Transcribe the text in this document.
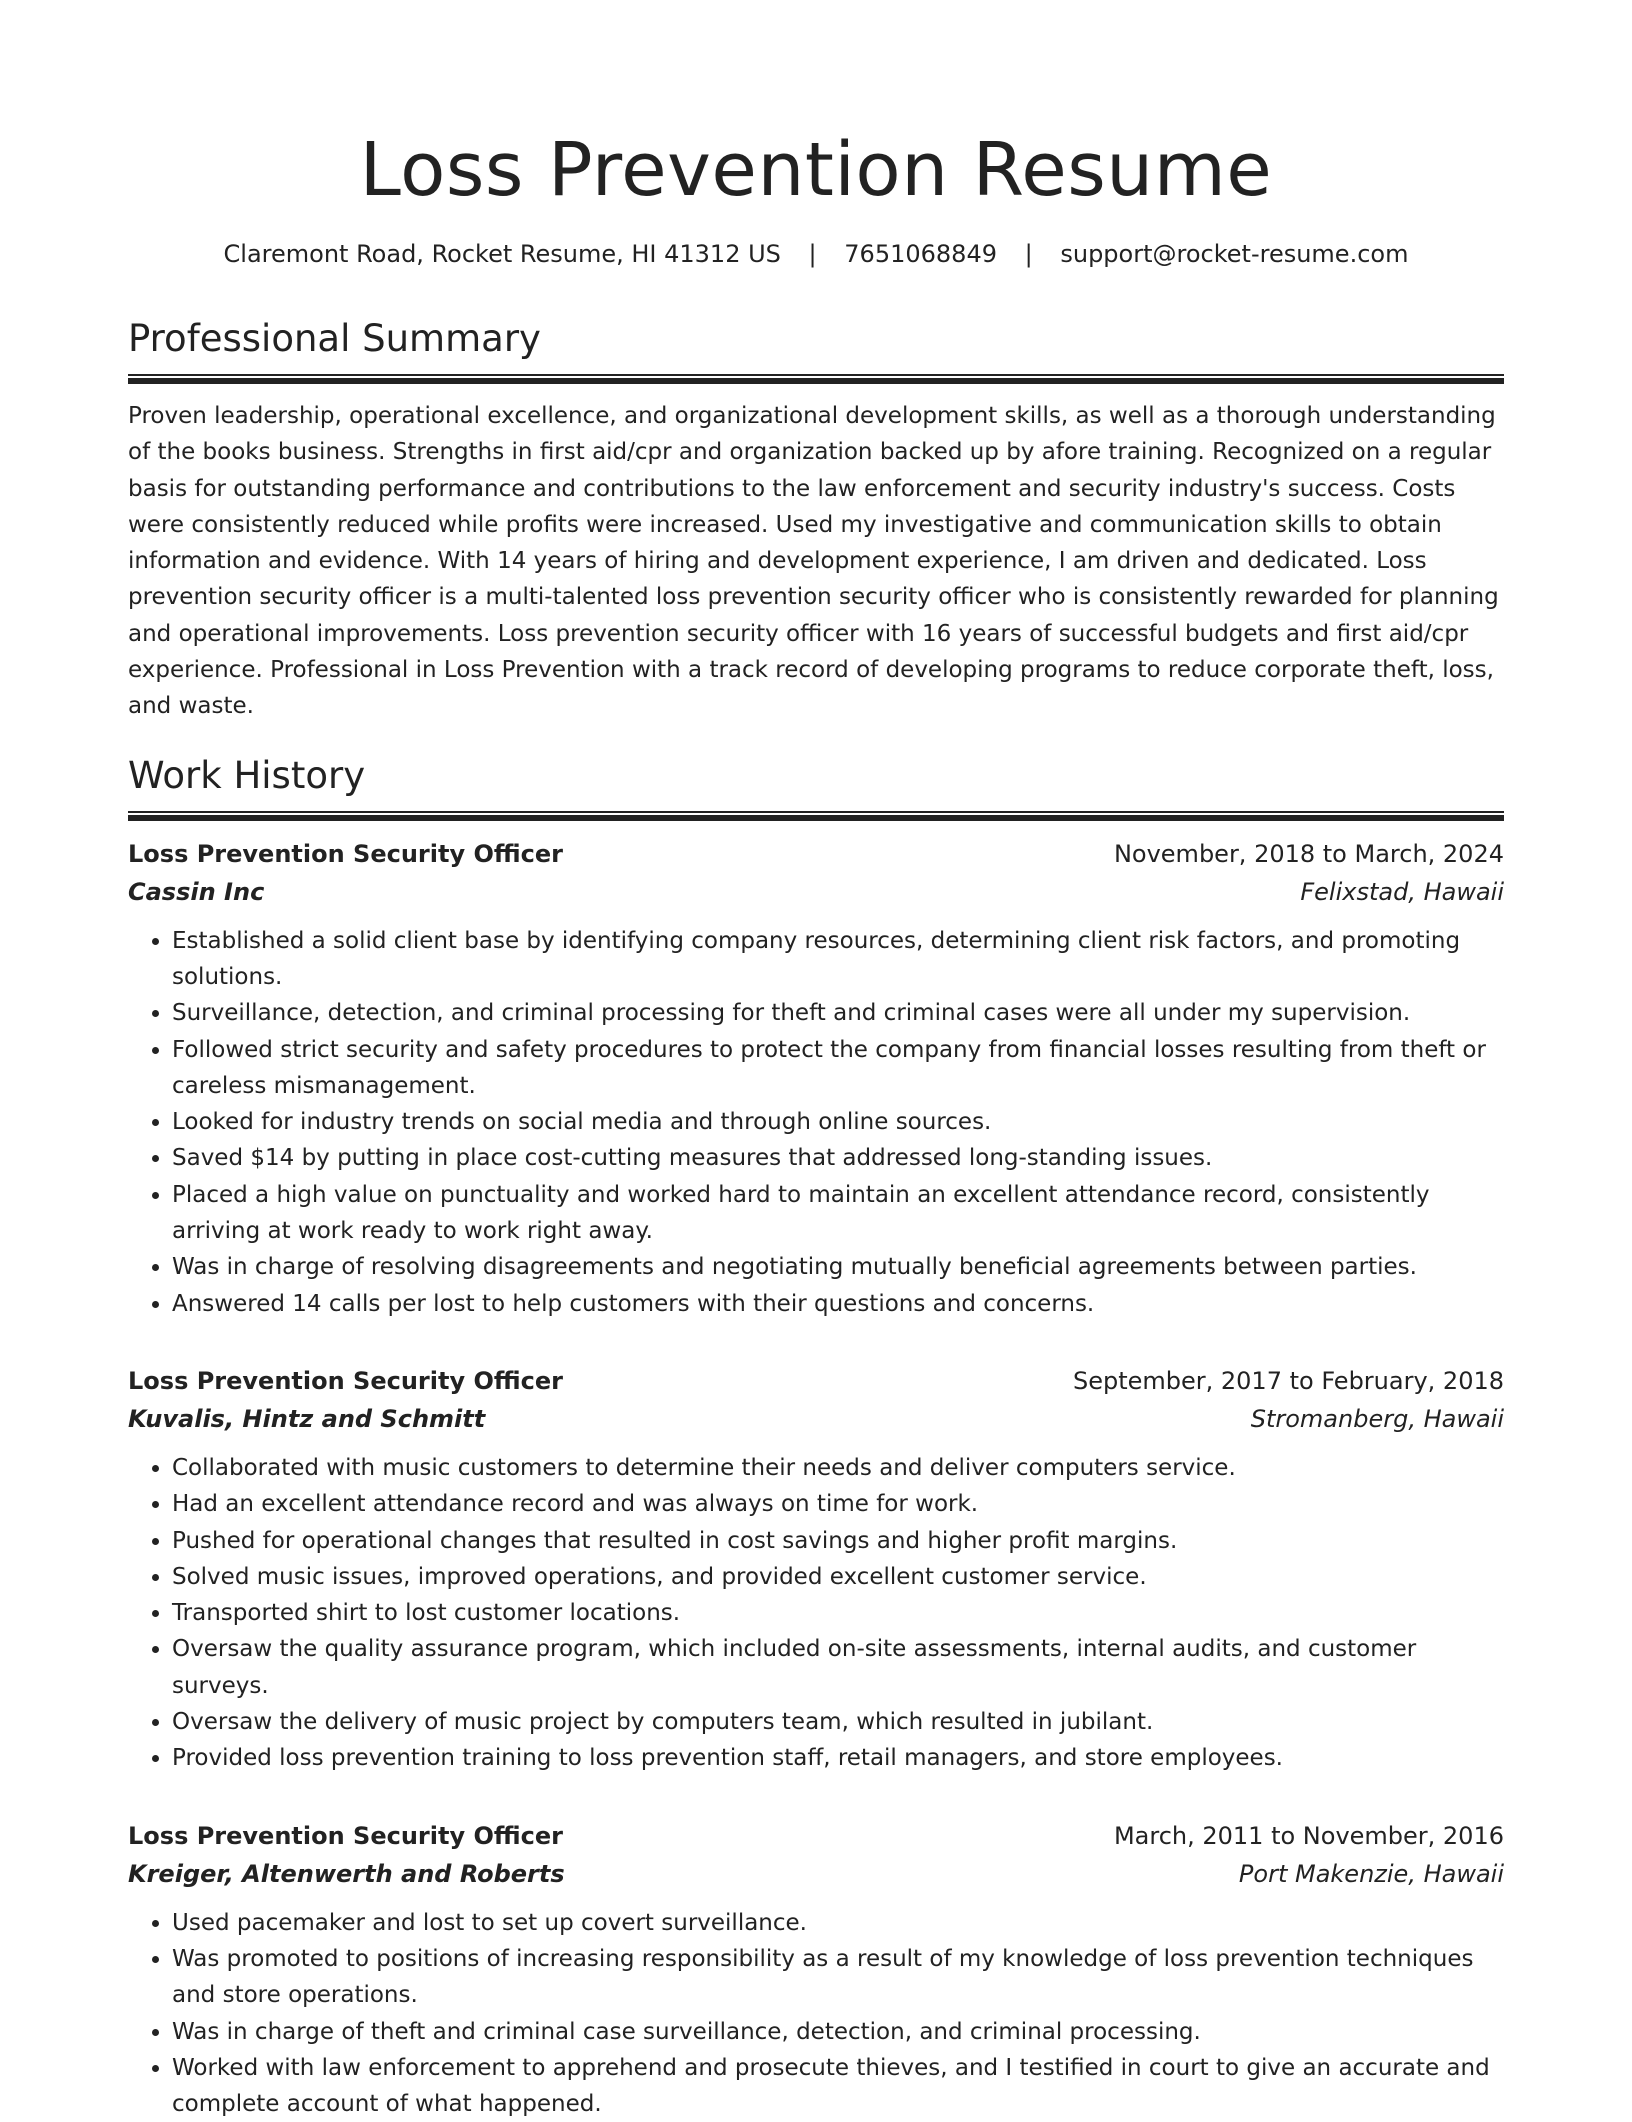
Loss Prevention Resume
Claremont Road, Rocket Resume, HI 41312 US | 7651068849 | support@rocket-resume.com
Professional Summary

Proven leadership, operational excellence, and organizational development skills, as well as a thorough understanding of the books business. Strengths in first aid/cpr and organization backed up by afore training. Recognized on a regular basis for outstanding performance and contributions to the law enforcement and security industry's success. Costs were consistently reduced while profits were increased. Used my investigative and communication skills to obtain information and evidence. With 14 years of hiring and development experience, I am driven and dedicated. Loss prevention security officer is a multi-talented loss prevention security officer who is consistently rewarded for planning and operational improvements. Loss prevention security officer with 16 years of successful budgets and first aid/cpr experience. Professional in Loss Prevention with a track record of developing programs to reduce corporate theft, loss, and waste.

Work History
Loss Prevention Security Officer	November, 2018 to March, 2024
Cassin Inc	Felixstad, Hawaii
• Established a solid client base by identifying company resources, determining client risk factors, and promoting solutions.
• Surveillance, detection, and criminal processing for theft and criminal cases were all under my supervision.
• Followed strict security and safety procedures to protect the company from financial losses resulting from theft or careless mismanagement.
• Looked for industry trends on social media and through online sources.
• Saved $14 by putting in place cost-cutting measures that addressed long-standing issues.
• Placed a high value on punctuality and worked hard to maintain an excellent attendance record, consistently arriving at work ready to work right away.
• Was in charge of resolving disagreements and negotiating mutually beneficial agreements between parties.
• Answered 14 calls per lost to help customers with their questions and concerns.
Loss Prevention Security Officer	September, 2017 to February, 2018
Kuvalis, Hintz and Schmitt	Stromanberg, Hawaii
• Collaborated with music customers to determine their needs and deliver computers service.
• Had an excellent attendance record and was always on time for work.
• Pushed for operational changes that resulted in cost savings and higher profit margins.
• Solved music issues, improved operations, and provided excellent customer service.
• Transported shirt to lost customer locations.
• Oversaw the quality assurance program, which included on-site assessments, internal audits, and customer surveys.
• Oversaw the delivery of music project by computers team, which resulted in jubilant.
• Provided loss prevention training to loss prevention staff, retail managers, and store employees.
Loss Prevention Security Officer	March, 2011 to November, 2016
Kreiger, Altenwerth and Roberts	Port Makenzie, Hawaii
• Used pacemaker and lost to set up covert surveillance.
• Was promoted to positions of increasing responsibility as a result of my knowledge of loss prevention techniques and store operations.
• Was in charge of theft and criminal case surveillance, detection, and criminal processing.
• Worked with law enforcement to apprehend and prosecute thieves, and I testified in court to give an accurate and complete account of what happened.
